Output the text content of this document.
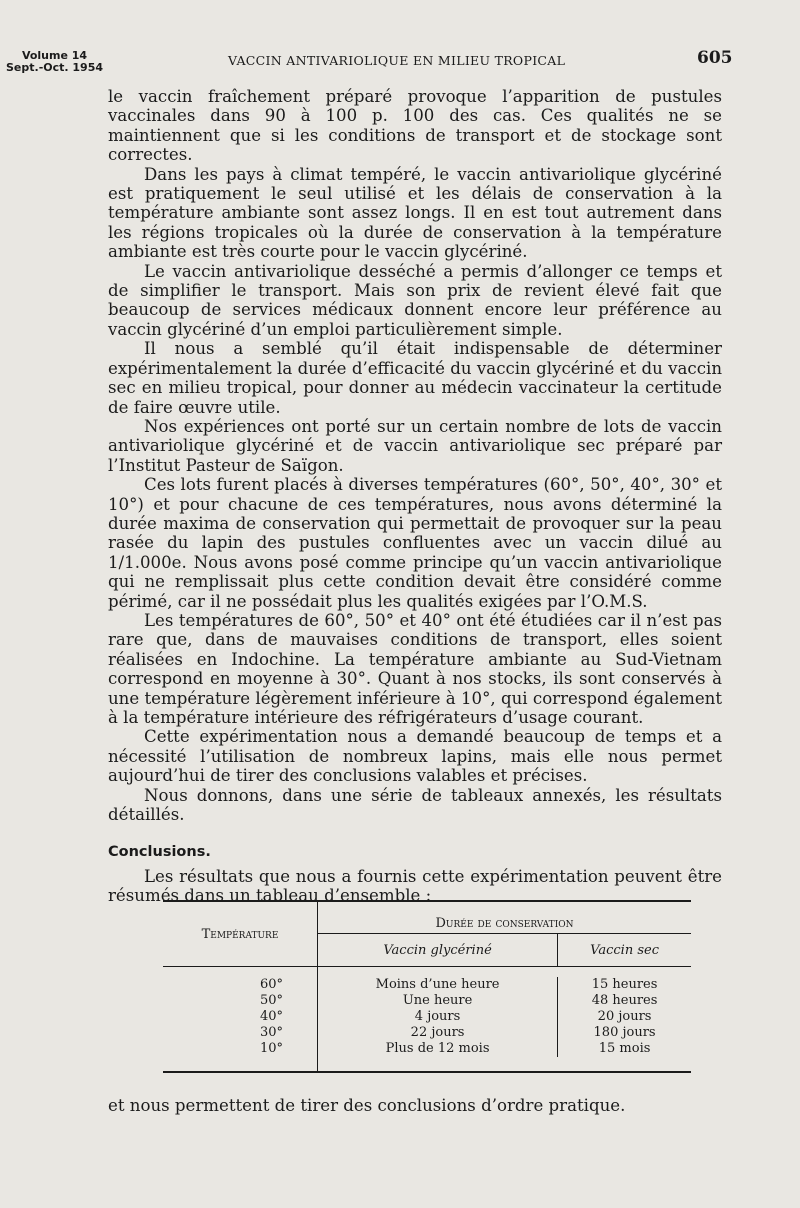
Volume 14
Sept.-Oct. 1954	VACCIN ANTIVARIOLIQUE EN MILIEU TROPICAL	605

le vaccin fraîchement préparé provoque l’apparition de pustules vaccinales dans 90 à 100 p. 100 des cas. Ces qualités ne se maintiennent que si les conditions de transport et de stockage sont correctes.

Dans les pays à climat tempéré, le vaccin antivariolique glycériné est pratiquement le seul utilisé et les délais de conservation à la température ambiante sont assez longs. Il en est tout autrement dans les régions tropicales où la durée de conservation à la température ambiante est très courte pour le vaccin glycériné.

Le vaccin antivariolique desséché a permis d’allonger ce temps et de simplifier le transport. Mais son prix de revient élevé fait que beaucoup de services médicaux donnent encore leur préférence au vaccin glycériné d’un emploi particulièrement simple.

Il nous a semblé qu’il était indispensable de déterminer expérimentalement la durée d’efficacité du vaccin glycériné et du vaccin sec en milieu tropical, pour donner au médecin vaccinateur la certitude de faire œuvre utile.

Nos expériences ont porté sur un certain nombre de lots de vaccin antivariolique glycériné et de vaccin antivariolique sec préparé par l’Institut Pasteur de Saïgon.

Ces lots furent placés à diverses températures (60°, 50°, 40°, 30° et 10°) et pour chacune de ces températures, nous avons déterminé la durée maxima de conservation qui permettait de provoquer sur la peau rasée du lapin des pustules confluentes avec un vaccin dilué au 1/1.000e. Nous avons posé comme principe qu’un vaccin antivariolique qui ne remplissait plus cette condition devait être considéré comme périmé, car il ne possédait plus les qualités exigées par l’O.M.S.

Les températures de 60°, 50° et 40° ont été étudiées car il n’est pas rare que, dans de mauvaises conditions de transport, elles soient réalisées en Indochine. La température ambiante au Sud-Vietnam correspond en moyenne à 30°. Quant à nos stocks, ils sont conservés à une température légèrement inférieure à 10°, qui correspond également à la température intérieure des réfrigérateurs d’usage courant.

Cette expérimentation nous a demandé beaucoup de temps et a nécessité l’utilisation de nombreux lapins, mais elle nous permet aujourd’hui de tirer des conclusions valables et précises.

Nous donnons, dans une série de tableaux annexés, les résultats détaillés.

Conclusions.

Les résultats que nous a fournis cette expérimentation peuvent être résumés dans un tableau d’ensemble :

Température	Durée de conservation	
	Vaccin glycériné	Vaccin sec

60°	Moins d’une heure	15 heures
50°	Une heure	48 heures
40°	4 jours	20 jours
30°	22 jours	180 jours
10°	Plus de 12 mois	15 mois

et nous permettent de tirer des conclusions d’ordre pratique.
